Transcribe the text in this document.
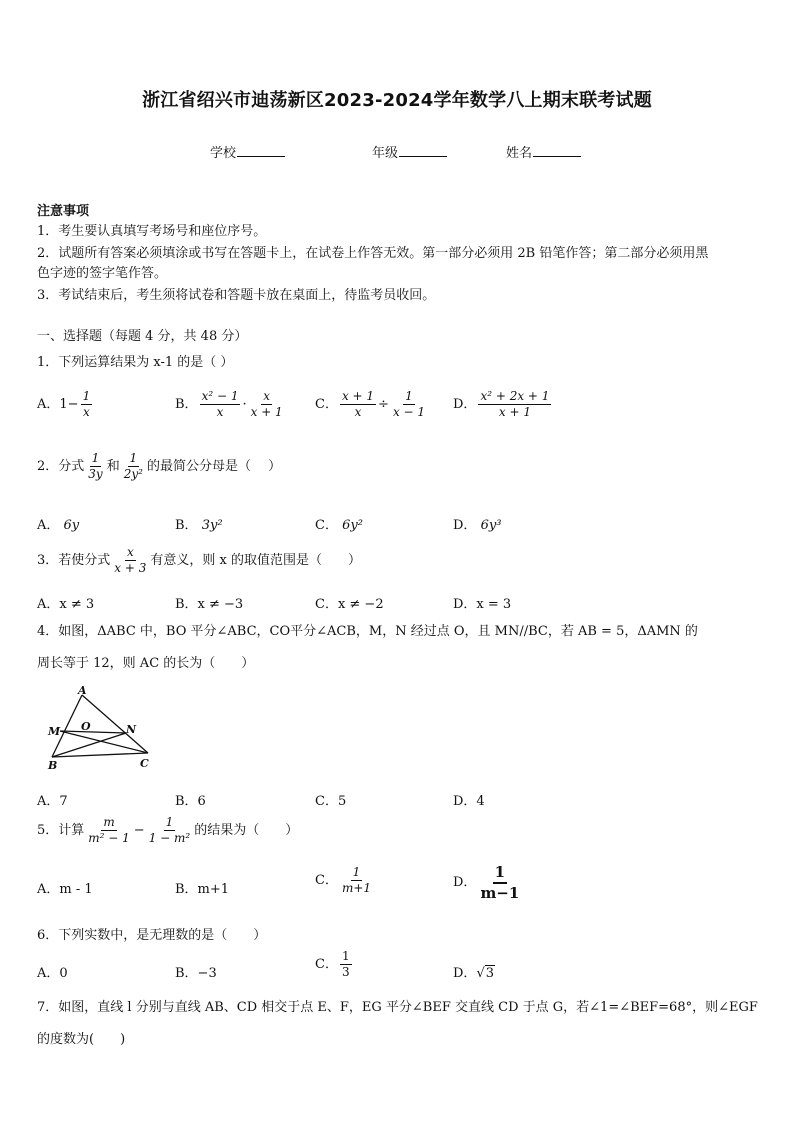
浙江省绍兴市迪荡新区2023-2024学年数学八上期末联考试题
学校	年级	姓名
注意事项
1．考生要认真填写考场号和座位序号。
2．试题所有答案必须填涂或书写在答题卡上，在试卷上作答无效。第一部分必须用 2B 铅笔作答；第二部分必须用黑
色字迹的签字笔作答。
3．考试结束后，考生须将试卷和答题卡放在桌面上，待监考员收回。
一、选择题（每题 4 分，共 48 分）
1．下列运算结果为 x-1 的是（ ）
A．$1- \frac{1}{x}$	B． $\frac{\text{x² − 1}}{x} \cdot \frac{x}{x + 1}$ C． $\frac{x + 1}{x} \div \frac{1}{x - 1}$ D． $\frac{\text{x² + 2x + 1}}{x + 1}$
2．分式 $\frac{1}{3y}$ 和 $\frac{1}{\text{2y²}}$ 的最简公分母是（　 ）
A． 6y	B． 3y²	C． 6y²	D． 6y³
3．若使分式 $\frac{x}{x + 3}$ 有意义，则 x 的取值范围是（　　）
A．x ≠ 3	B．x ≠ −3	C．x ≠ −2	D．x = 3
4．如图，ΔABC 中，BO 平分∠ABC，CO平分∠ACB，M，N 经过点 O，且 MN//BC，若 AB = 5，ΔAMN 的
周长等于 12，则 AC 的长为（　　）
A
M O	N
B	C
A．7	B．6	C．5	D．4
5．计算 $\frac{m}{\text{m² − 1}} - \frac{1}{\text{1 − m²}}$ 的结果为（　　）
A．m - 1	B．m+1
C． $\frac{1}{m+1}$	D． $\frac{1}{m-1}$
6．下列实数中，是无理数的是（　　）
A．0	B．−3
C． $\frac{1}{3}$	D．√3
7．如图，直线 l 分别与直线 AB、CD 相交于点 E、F，EG 平分∠BEF 交直线 CD 于点 G，若∠1=∠BEF=68°，则∠EGF
的度数为(　　)
